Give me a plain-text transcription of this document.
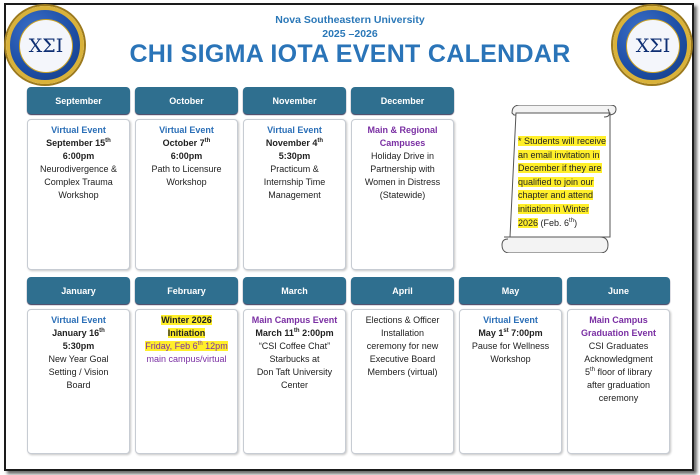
ΧΣΙ	ΧΣΙ
Nova Southeastern University
2025 –2026
CHI SIGMA IOTA EVENT CALENDAR
September	October	November	December
Virtual Event
September 15th
6:00pm
Neurodivergence &
Complex Trauma
Workshop
Virtual Event
October 7th
6:00pm
Path to Licensure
Workshop
Virtual Event
November 4th
5:30pm
Practicum &
Internship Time
Management
Main & Regional
Campuses
Holiday Drive in
Partnership with
Women in Distress
(Statewide)
* Students will receive
an email invitation in
December if they are
qualified to join our
chapter and attend
initiation in Winter
2026 (Feb. 6th)
January	February	March	April	May	June
Virtual Event
January 16th
5:30pm
New Year Goal
Setting / Vision
Board
Winter 2026
Initiation
Friday, Feb 6th 12pm
main campus/virtual
Main Campus Event
March 11th 2:00pm
“CSI Coffee Chat”
Starbucks at
Don Taft University
Center
Elections & Officer
Installation
ceremony for new
Executive Board
Members (virtual)
Virtual Event
May 1st 7:00pm
Pause for Wellness
Workshop
Main Campus
Graduation Event
CSI Graduates
Acknowledgment
5th floor of library
after graduation
ceremony
